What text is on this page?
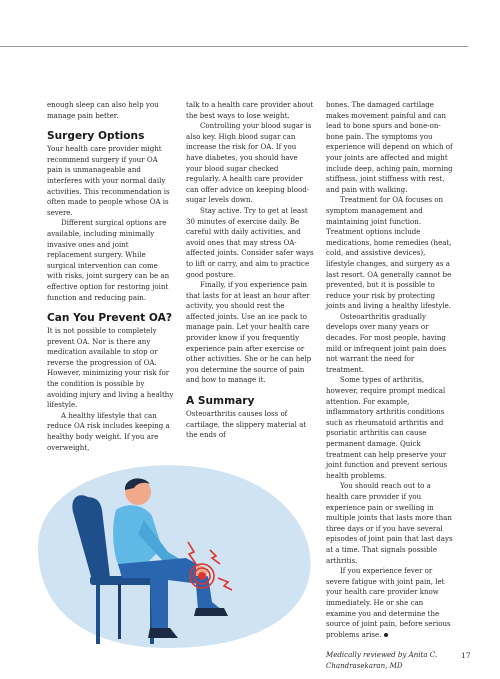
enough sleep can also help you manage pain better.

Surgery Options

Your health care provider might recommend surgery if your OA pain is unmanageable and interferes with your normal daily activities. This recommendation is often made to people whose OA is severe.

Different surgical options are available, including minimally invasive ones and joint replacement surgery. While surgical intervention can come with risks, joint surgery can be an effective option for restoring joint function and reducing pain.

Can You Prevent OA?

It is not possible to completely prevent OA. Nor is there any medication available to stop or reverse the progression of OA. However, minimizing your risk for the condition is possible by avoiding injury and living a healthy lifestyle.

A healthy lifestyle that can reduce OA risk includes keeping a healthy body weight. If you are overweight,

talk to a health care provider about the best ways to lose weight.

Controlling your blood sugar is also key. High blood sugar can increase the risk for OA. If you have diabetes, you should have your blood sugar checked regularly. A health care provider can offer advice on keeping blood-sugar levels down.

Stay active. Try to get at least 30 minutes of exercise daily. Be careful with daily activities, and avoid ones that may stress OA-affected joints. Consider safer ways to lift or carry, and aim to practice good posture.

Finally, if you experience pain that lasts for at least an hour after activity, you should rest the affected joints. Use an ice pack to manage pain. Let your health care provider know if you frequently experience pain after exercise or other activities. She or he can help you determine the source of pain and how to manage it.

A Summary

Osteoarthritis causes loss of cartilage, the slippery material at the ends of

bones. The damaged cartilage makes movement painful and can lead to bone spurs and bone-on-bone pain. The symptoms you experience will depend on which of your joints are affected and might include deep, aching pain, morning stiffness, joint stiffness with rest, and pain with walking.

Treatment for OA focuses on symptom management and maintaining joint function. Treatment options include medications, home remedies (heat, cold, and assistive devices), lifestyle changes, and surgery as a last resort. OA generally cannot be prevented, but it is possible to reduce your risk by protecting joints and living a healthy lifestyle.

Osteoarthritis gradually develops over many years or decades. For most people, having mild or infrequent joint pain does not warrant the need for treatment.

Some types of arthritis, however, require prompt medical attention. For example, inflammatory arthritis conditions such as rheumatoid arthritis and psoriatic arthritis can cause permanent damage. Quick treatment can help preserve your joint function and prevent serious health problems.

You should reach out to a health care provider if you experience pain or swelling in multiple joints that lasts more than three days or if you have several episodes of joint pain that last days at a time. That signals possible arthritis.

If you experience fever or severe fatigue with joint pain, let your health care provider know immediately. He or she can examine you and determine the source of joint pain, before serious problems arise.

Medically reviewed by Anita C. Chandrasekaran, MD

17
